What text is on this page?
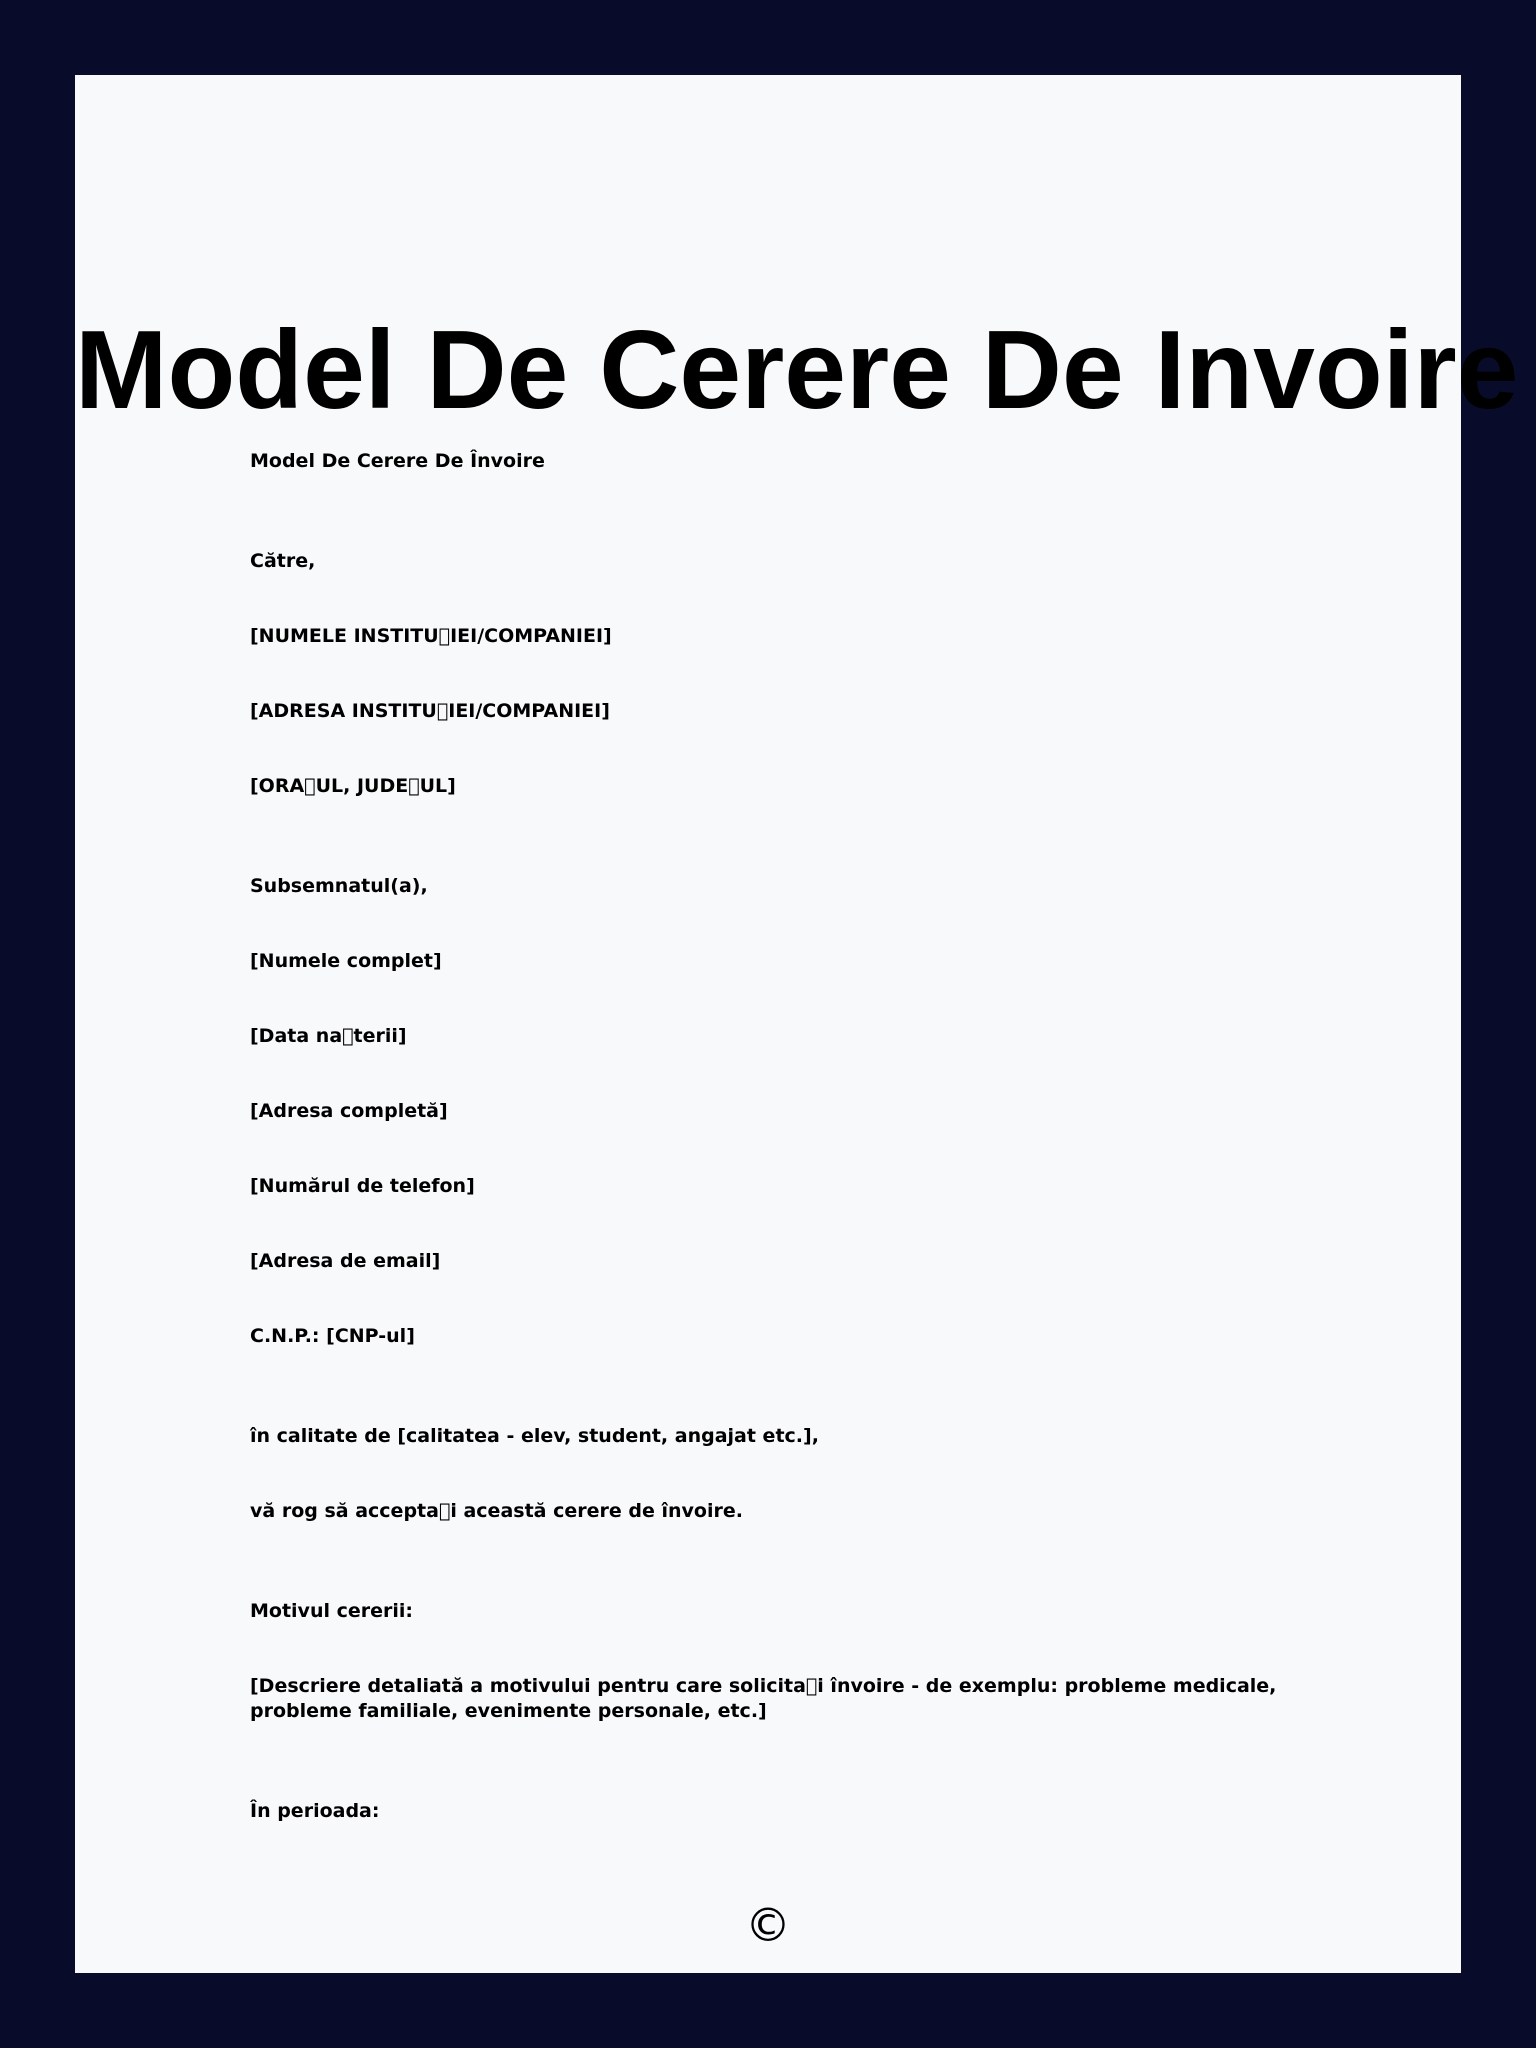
Model De Cerere De Invoire

Model De Cerere De Învoire

Către,

[NUMELE INSTITU IEI/COMPANIEI]

[ADRESA INSTITU IEI/COMPANIEI]

[ORA UL, JUDE UL]

Subsemnatul(a),

[Numele complet]

[Data na terii]

[Adresa completă]

[Numărul de telefon]

[Adresa de email]

C.N.P.: [CNP-ul]

în calitate de [calitatea - elev, student, angajat etc.],

vă rog să accepta i această cerere de învoire.

Motivul cererii:

[Descriere detaliată a motivului pentru care solicita i învoire - de exemplu: probleme medicale, probleme familiale, evenimente personale, etc.]

În perioada:

©
